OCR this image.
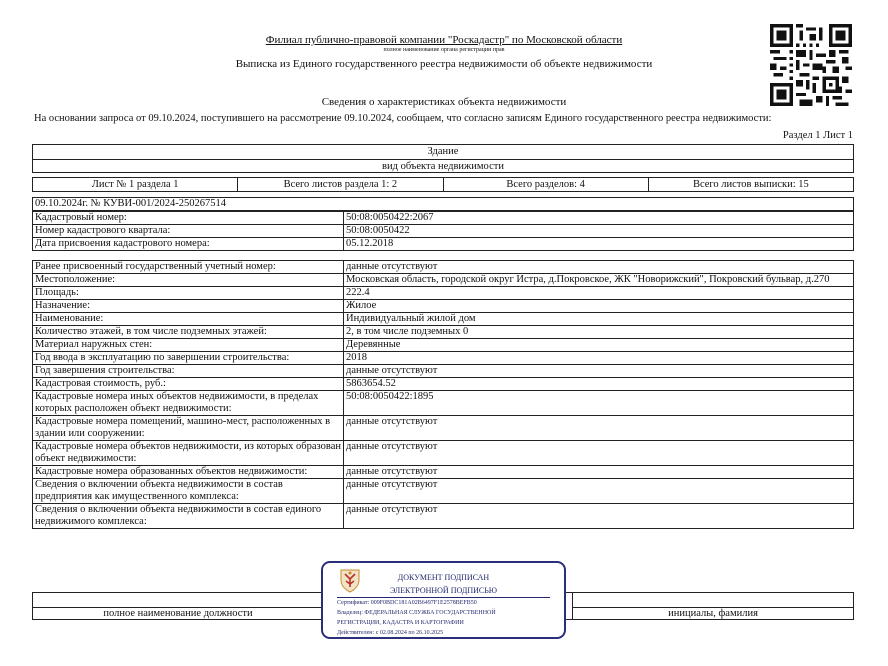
Филиал публично-правовой компании "Роскадастр" по Московской области
полное наименование органа регистрации прав
Выписка из Единого государственного реестра недвижимости об объекте недвижимости
Сведения о характеристиках объекта недвижимости
На основании запроса от 09.10.2024, поступившего на рассмотрение 09.10.2024, сообщаем, что согласно записям Единого государственного реестра недвижимости:
Раздел 1 Лист 1
Здание
вид объекта недвижимости
Лист № 1 раздела 1	Всего листов раздела 1: 2	Всего разделов: 4	Всего листов выписки: 15
09.10.2024г. № КУВИ-001/2024-250267514
Кадастровый номер:	50:08:0050422:2067
Номер кадастрового квартала:	50:08:0050422
Дата присвоения кадастрового номера:	05.12.2018
Ранее присвоенный государственный учетный номер:	данные отсутствуют
Местоположение:	Московская область, городской округ Истра, д.Покровское, ЖК "Новорижский", Покровский бульвар, д.270
Площадь:	222.4
Назначение:	Жилое
Наименование:	Индивидуальный жилой дом
Количество этажей, в том числе подземных этажей:	2, в том числе подземных 0
Материал наружных стен:	Деревянные
Год ввода в эксплуатацию по завершении строительства:	2018
Год завершения строительства:	данные отсутствуют
Кадастровая стоимость, руб.:	5863654.52
Кадастровые номера иных объектов недвижимости, в пределах которых расположен объект недвижимости:	50:08:0050422:1895
Кадастровые номера помещений, машино-мест, расположенных в здании или сооружении:	данные отсутствуют
Кадастровые номера объектов недвижимости, из которых образован объект недвижимости:	данные отсутствуют
Кадастровые номера образованных объектов недвижимости:	данные отсутствуют
Сведения о включении объекта недвижимости в состав предприятия как имущественного комплекса:	данные отсутствуют
Сведения о включении объекта недвижимости в состав единого недвижимого комплекса:	данные отсутствуют
полное наименование должности	инициалы, фамилия
ДОКУМЕНТ ПОДПИСАН
ЭЛЕКТРОННОЙ ПОДПИСЬЮ
Сертификат: 009F0BDC181A02B6497F1E2578BEFB50
Владелец: ФЕДЕРАЛЬНАЯ СЛУЖБА ГОСУДАРСТВЕННОЙ
РЕГИСТРАЦИИ, КАДАСТРА И КАРТОГРАФИИ
Действителен: с 02.08.2024 по 26.10.2025
